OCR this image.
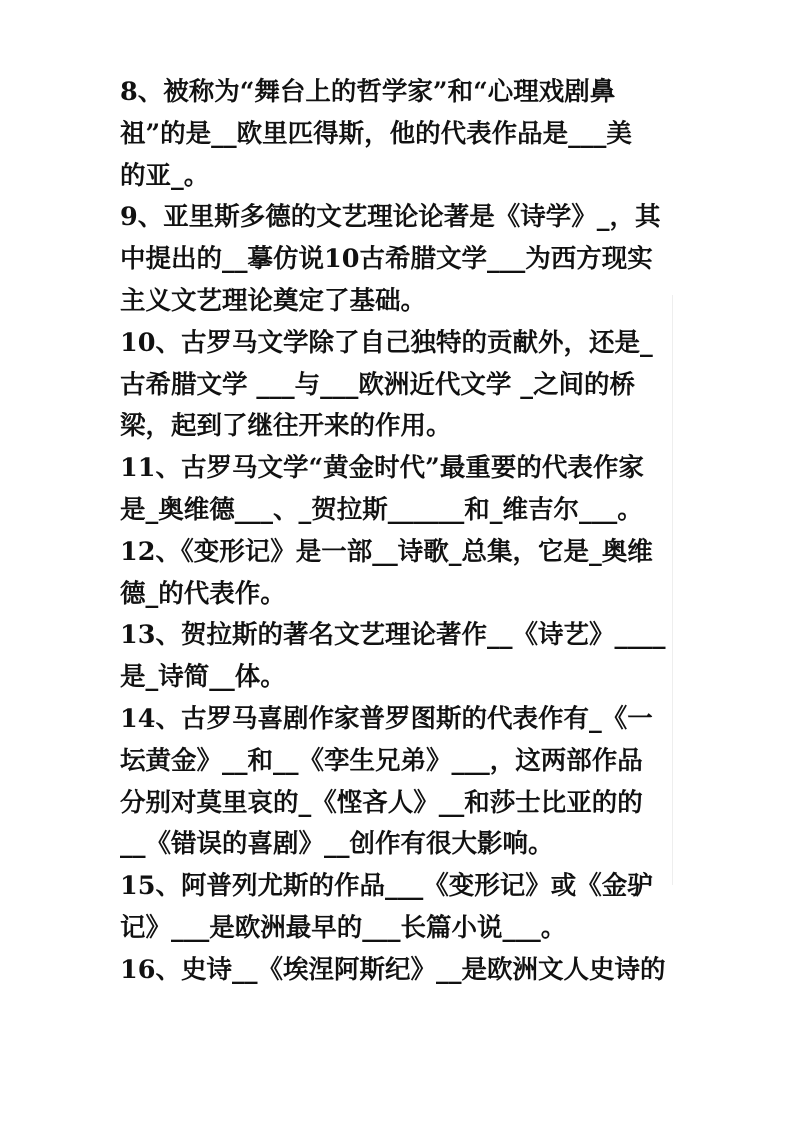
8、被称为“舞台上的哲学家”和“心理戏剧鼻
祖”的是__欧里匹得斯，他的代表作品是___美
的亚_。
9、亚里斯多德的文艺理论论著是《诗学》_，其
中提出的__摹仿说10古希腊文学___为西方现实
主义文艺理论奠定了基础。
10、古罗马文学除了自己独特的贡献外，还是_
古希腊文学 ___与___欧洲近代文学 _之间的桥
梁，起到了继往开来的作用。
11、古罗马文学“黄金时代”最重要的代表作家
是_奥维德___、_贺拉斯______和_维吉尔___。
12、《变形记》是一部__诗歌_总集，它是_奥维
德_的代表作。
13、贺拉斯的著名文艺理论著作__《诗艺》____
是_诗简__体。
14、古罗马喜剧作家普罗图斯的代表作有_《一
坛黄金》__和__《孪生兄弟》___，这两部作品
分别对莫里哀的_《悭吝人》__和莎士比亚的的
__《错误的喜剧》__创作有很大影响。
15、阿普列尤斯的作品___《变形记》或《金驴
记》___是欧洲最早的___长篇小说___。
16、史诗__《埃涅阿斯纪》__是欧洲文人史诗的
